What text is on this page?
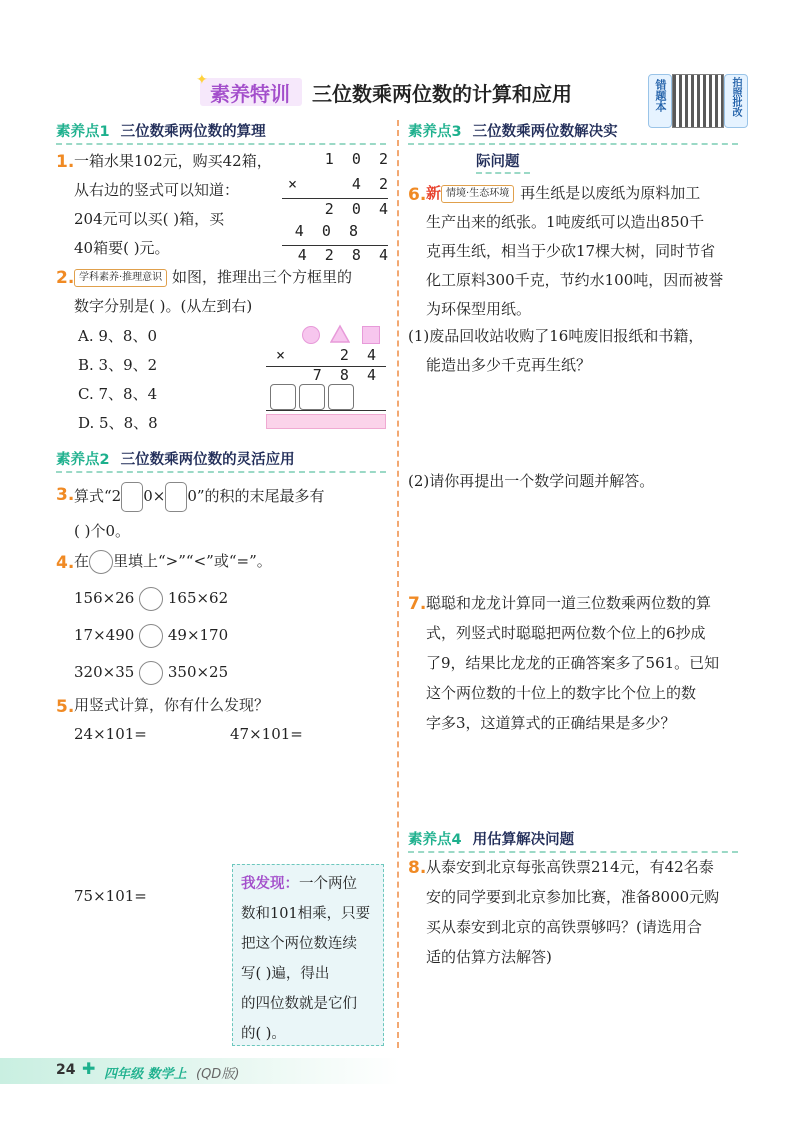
✦
素养特训 三位数乘两位数的计算和应用	错题本	拍照批改
素养点1 三位数乘两位数的算理
1. 一箱水果102元，购买42箱，
从右边的竖式可以知道：
204元可以买( )箱，买
40箱要( )元。
1  0  2
×	4  2
2  0  4
4  0  8
4  2  8  4
2. 学科素养·推理意识 如图，推理出三个方框里的
数字分别是( )。(从左到右)
A. 9、8、0
B. 3、9、2
C. 7、8、4
D. 5、8、8
×	2  4
7  8  4
素养点2 三位数乘两位数的灵活应用
3. 算式“2 0× 0”的积的末尾最多有
( )个0。
4. 在 里填上“>”“<”或“=”。
156×26 165×62
17×490 49×170
320×35 350×25
5. 用竖式计算，你有什么发现？
24×101=	47×101=
75×101=
我发现：一个两位
数和101相乘，只要
把这个两位数连续
写( )遍，得出
的四位数就是它们
的( )。
素养点3 三位数乘两位数解决实
际问题
6. 新 情境·生态环境 再生纸是以废纸为原料加工
生产出来的纸张。1吨废纸可以造出850千
克再生纸，相当于少砍17棵大树，同时节省
化工原料300千克，节约水100吨，因而被誉
为环保型用纸。
(1)废品回收站收购了16吨废旧报纸和书籍，
能造出多少千克再生纸？
(2)请你再提出一个数学问题并解答。
7. 聪聪和龙龙计算同一道三位数乘两位数的算
式，列竖式时聪聪把两位数个位上的6抄成
了9，结果比龙龙的正确答案多了561。已知
这个两位数的十位上的数字比个位上的数
字多3，这道算式的正确结果是多少？
素养点4 用估算解决问题
8. 从泰安到北京每张高铁票214元，有42名泰
安的同学要到北京参加比赛，准备8000元购
买从泰安到北京的高铁票够吗？(请选用合
适的估算方法解答)
24 ✚ 四年级 数学上 (QD版)
